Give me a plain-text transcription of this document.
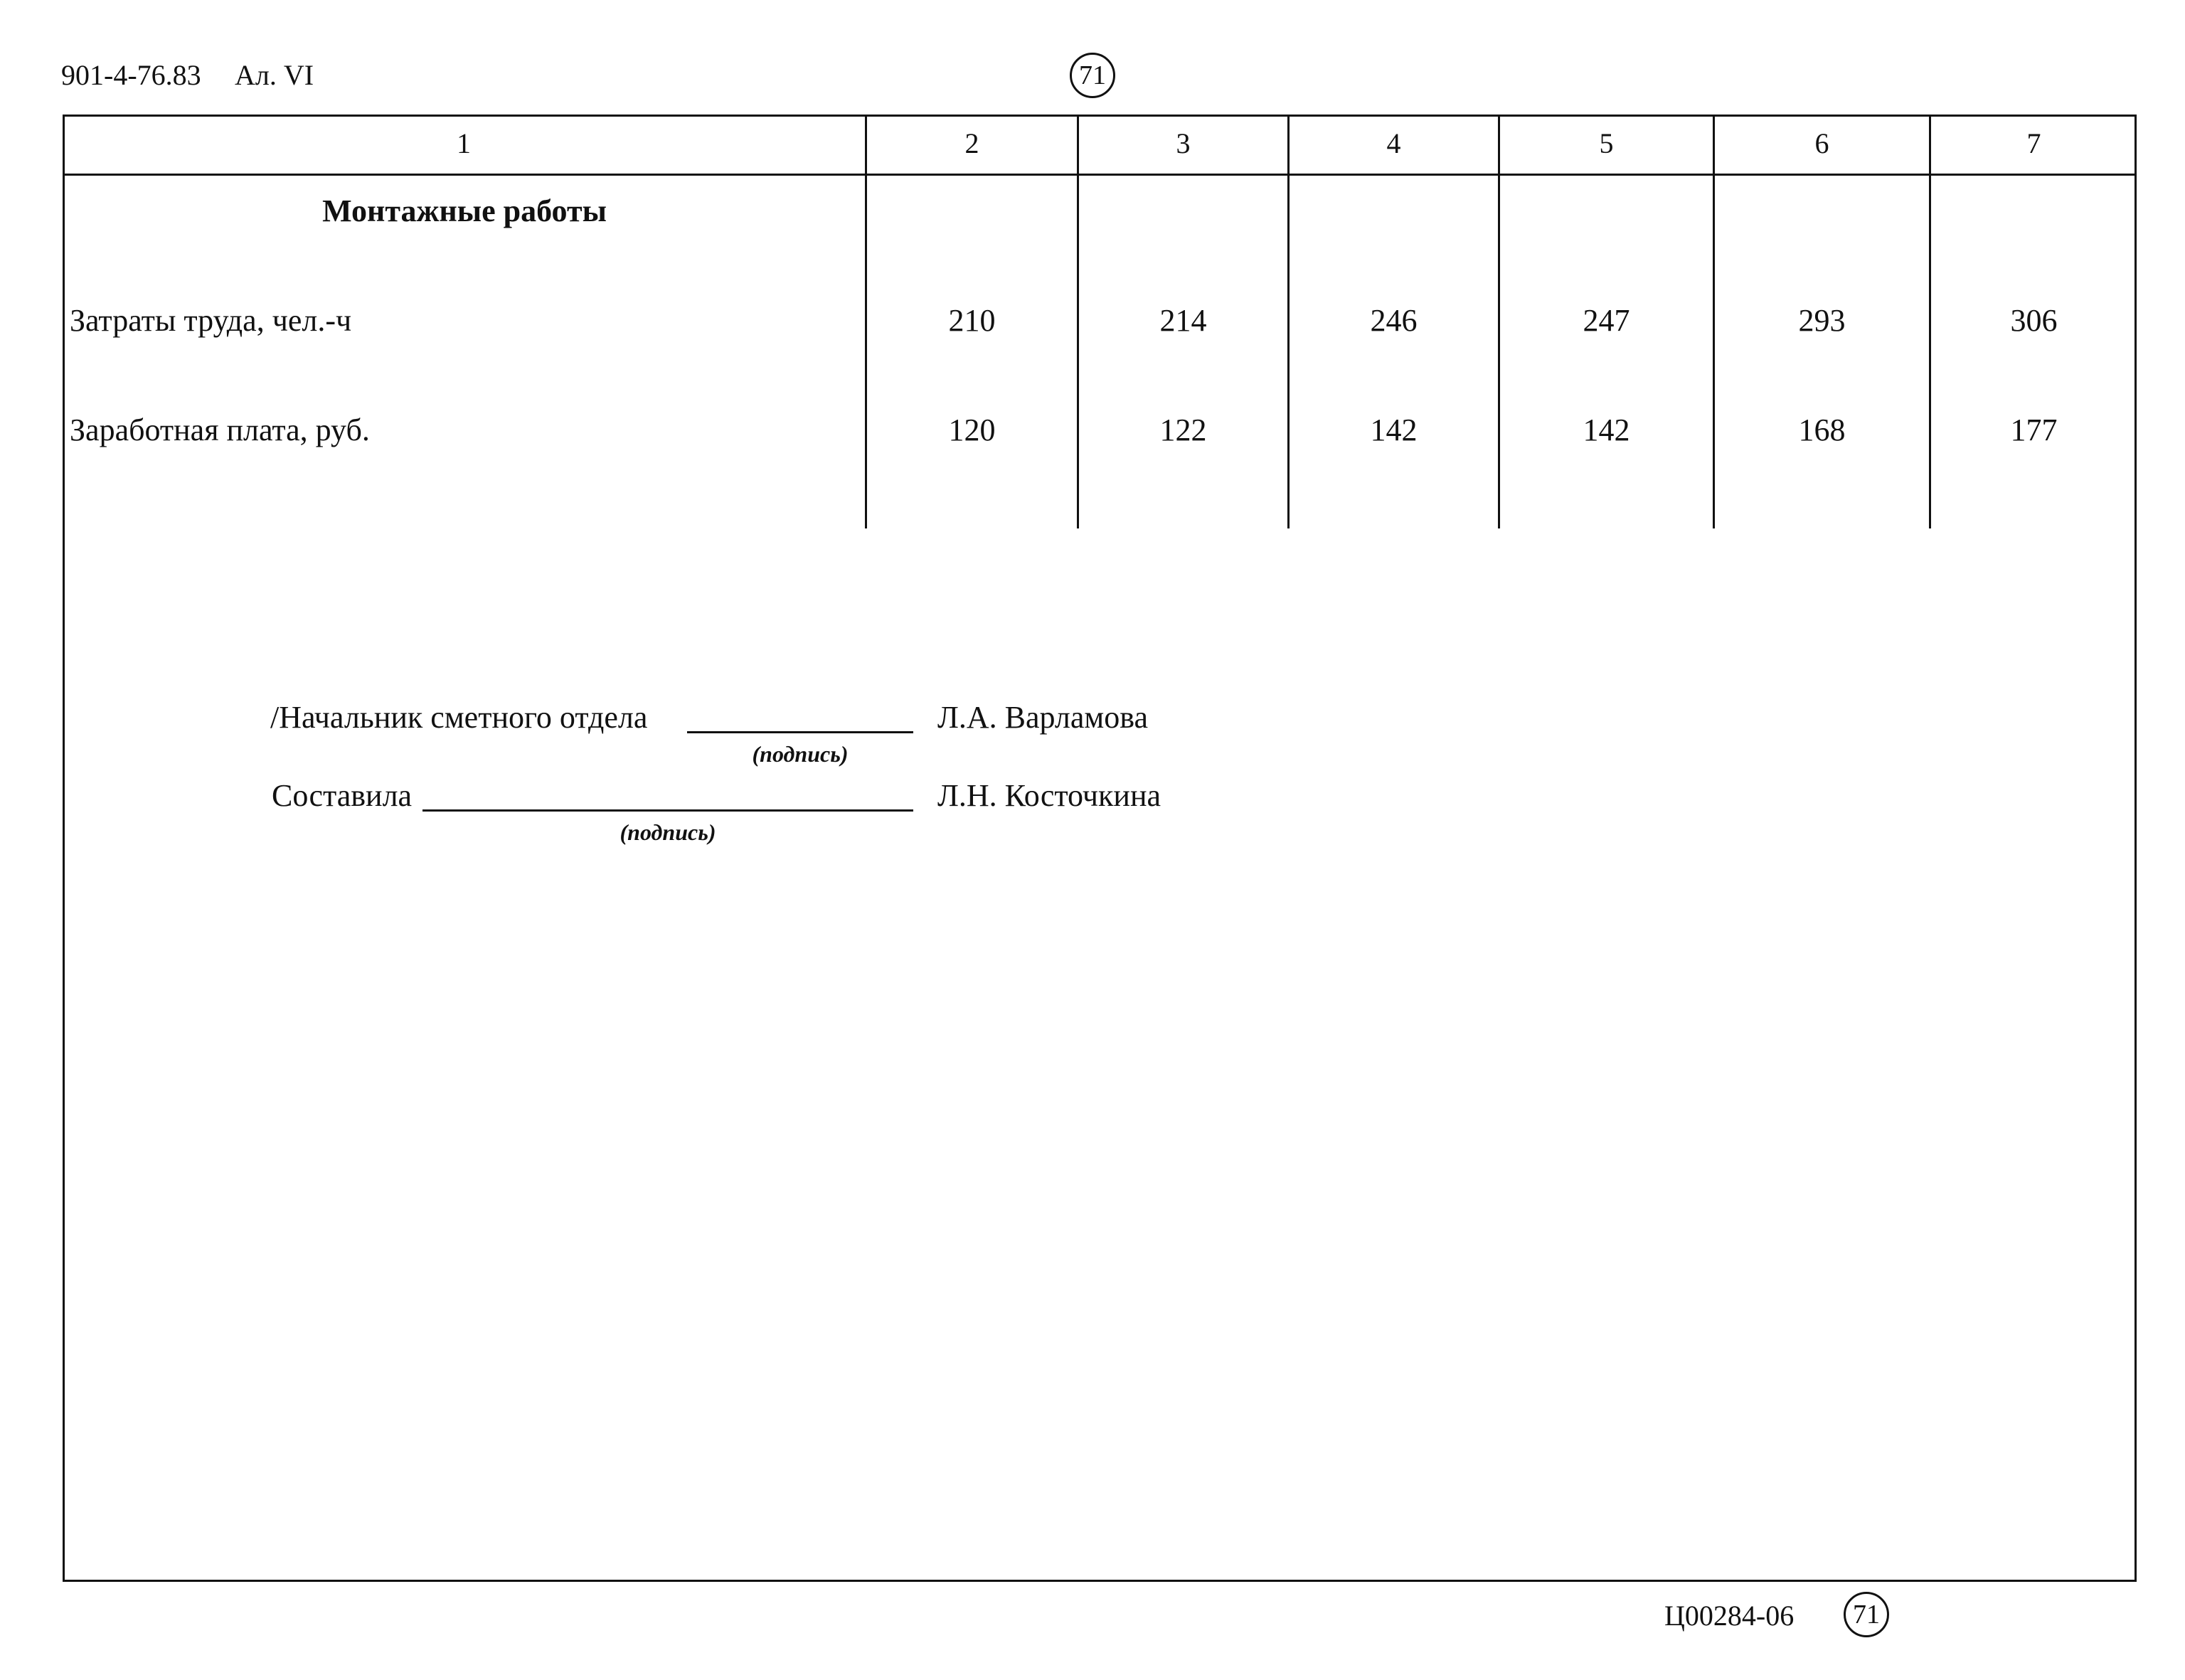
901-4-76.83 Ал. VI	71
1	2	3	4	5	6	7
Монтажные работы
Затраты труда, чел.-ч	210	214	246	247	293	306
Заработная плата, руб.	120	122	142	142	168	177
/Начальник сметного отдела
(подпись)
Л.А. Варламова
Составила
(подпись)
Л.Н. Косточкина
Ц00284-06	71
